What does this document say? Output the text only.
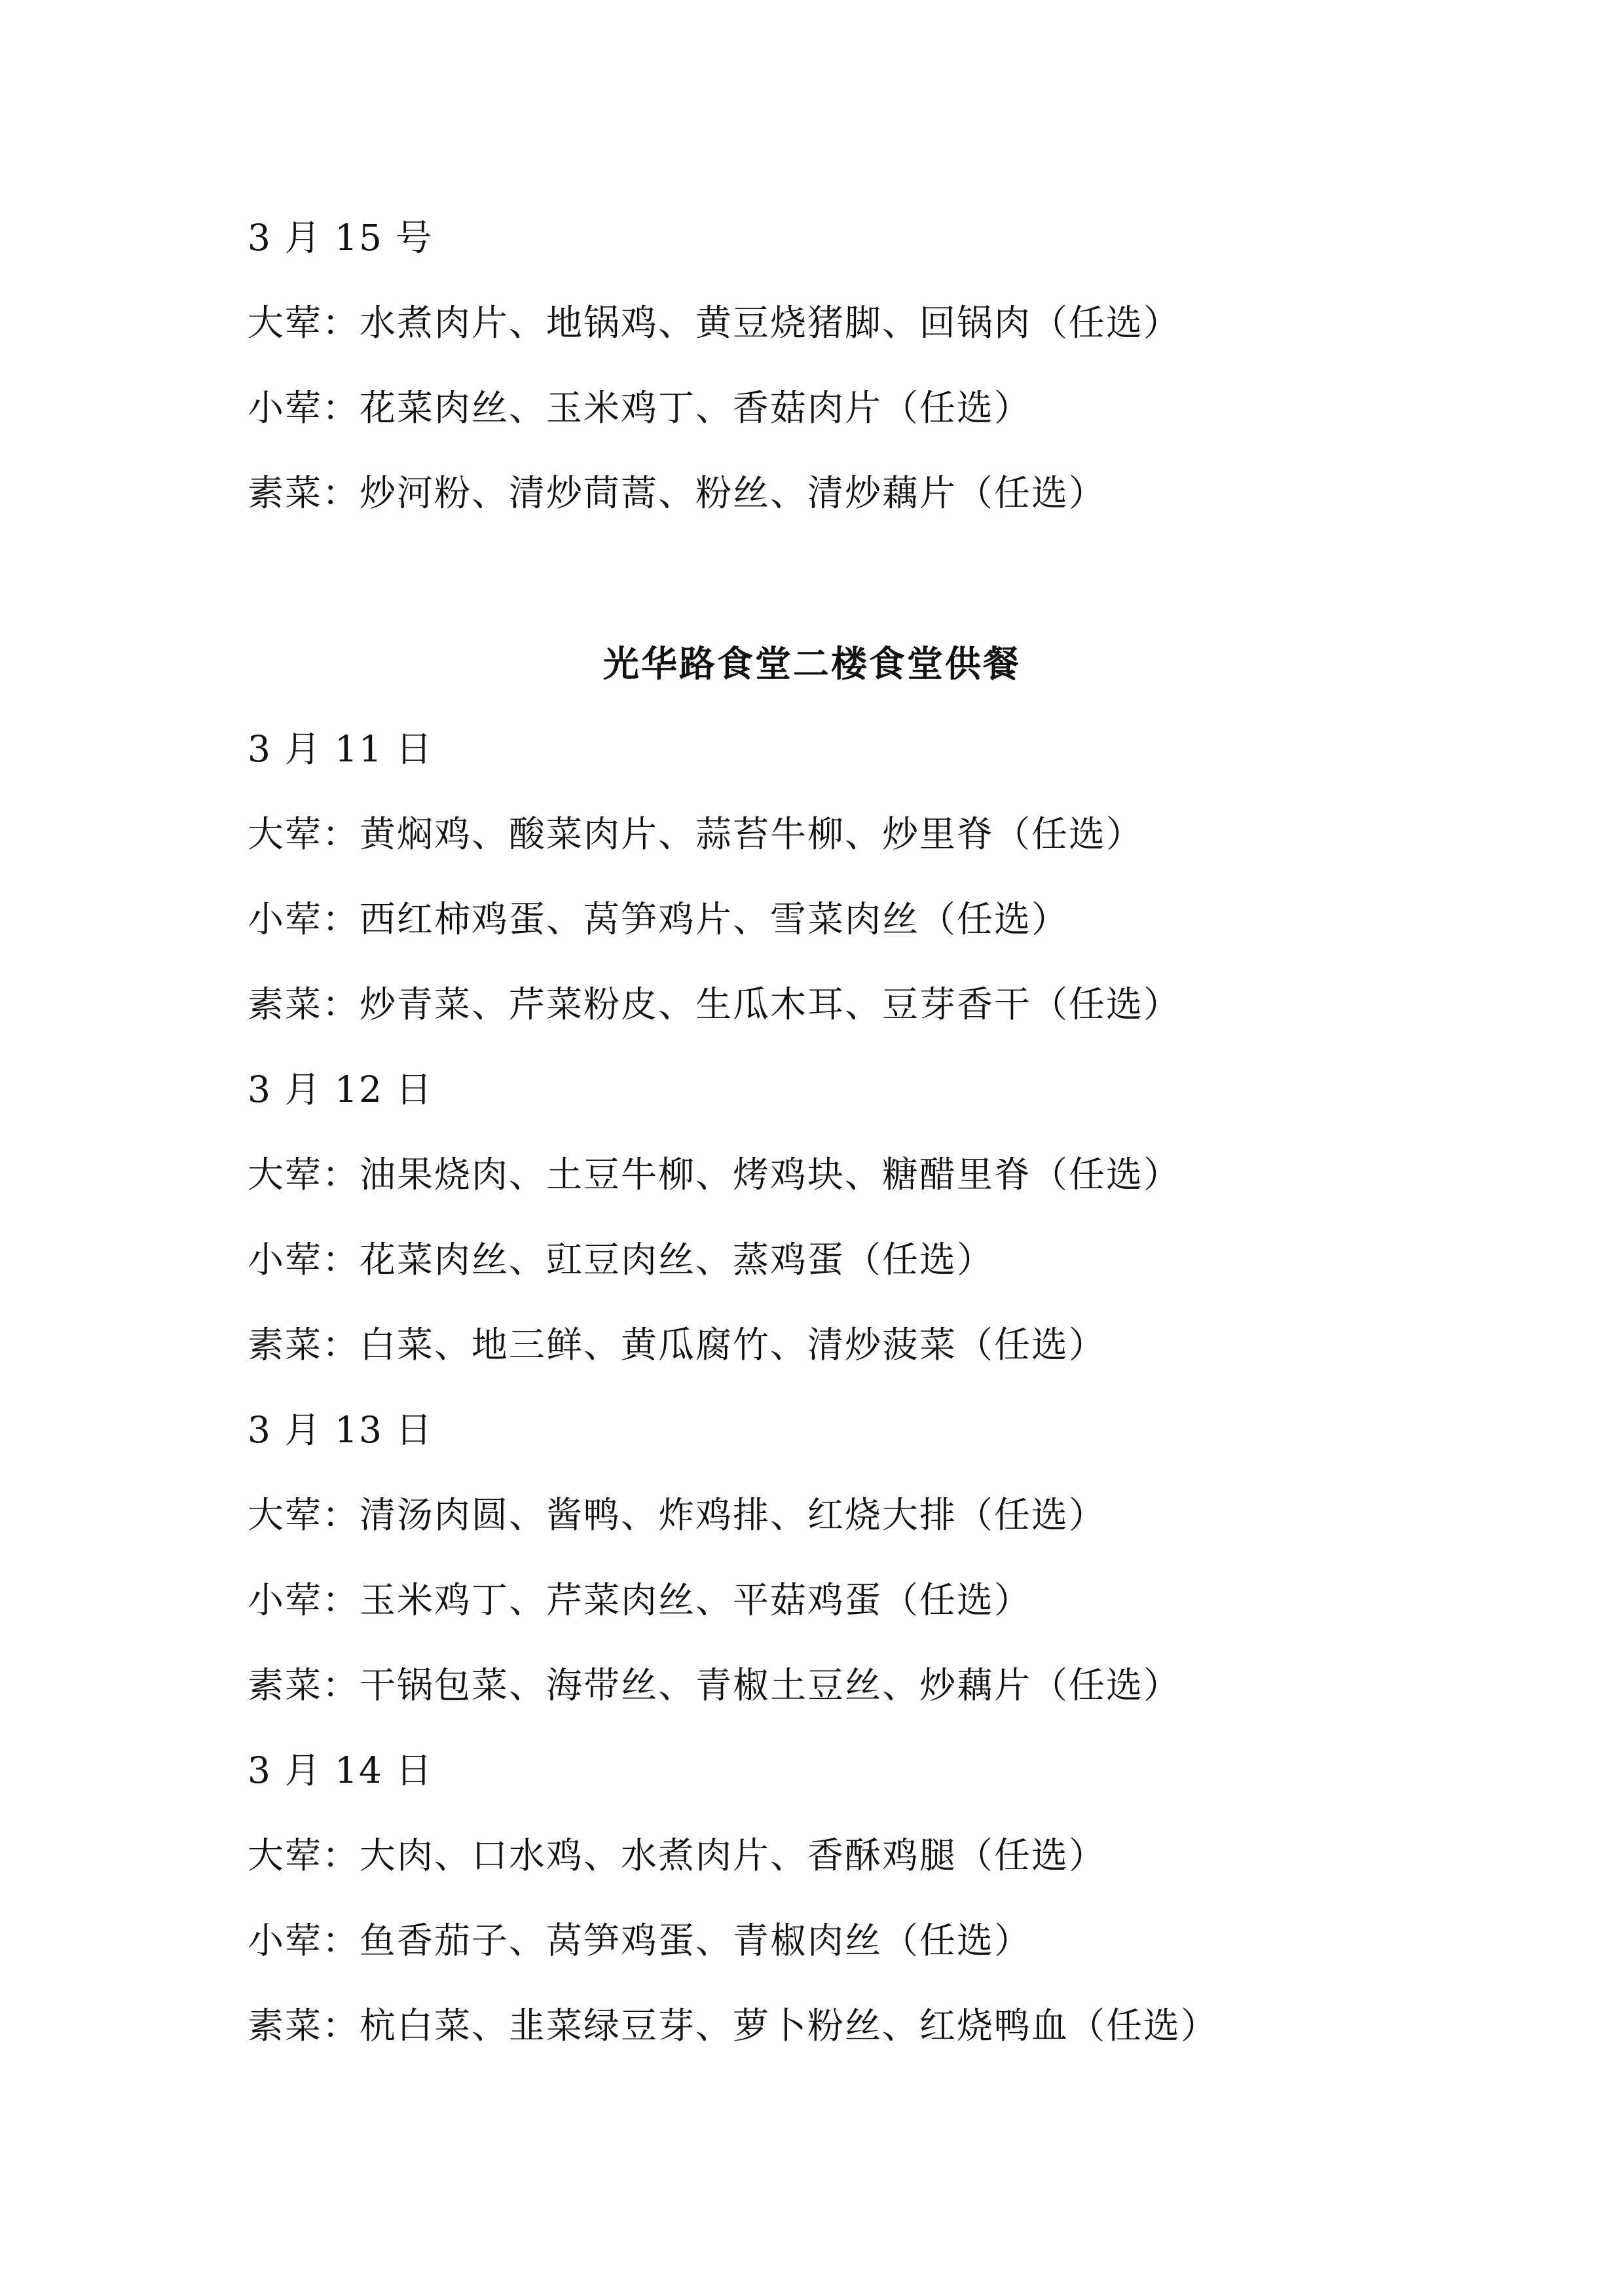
3 月 15 号
大荤：水煮肉片、地锅鸡、黄豆烧猪脚、回锅肉（任选）
小荤：花菜肉丝、玉米鸡丁、香菇肉片（任选）
素菜：炒河粉、清炒茼蒿、粉丝、清炒藕片（任选）
光华路食堂二楼食堂供餐
3 月 11 日
大荤：黄焖鸡、酸菜肉片、蒜苔牛柳、炒里脊（任选）
小荤：西红柿鸡蛋、莴笋鸡片、雪菜肉丝（任选）
素菜：炒青菜、芹菜粉皮、生瓜木耳、豆芽香干（任选）
3 月 12 日
大荤：油果烧肉、土豆牛柳、烤鸡块、糖醋里脊（任选）
小荤：花菜肉丝、豇豆肉丝、蒸鸡蛋（任选）
素菜：白菜、地三鲜、黄瓜腐竹、清炒菠菜（任选）
3 月 13 日
大荤：清汤肉圆、酱鸭、炸鸡排、红烧大排（任选）
小荤：玉米鸡丁、芹菜肉丝、平菇鸡蛋（任选）
素菜：干锅包菜、海带丝、青椒土豆丝、炒藕片（任选）
3 月 14 日
大荤：大肉、口水鸡、水煮肉片、香酥鸡腿（任选）
小荤：鱼香茄子、莴笋鸡蛋、青椒肉丝（任选）
素菜：杭白菜、韭菜绿豆芽、萝卜粉丝、红烧鸭血（任选）
